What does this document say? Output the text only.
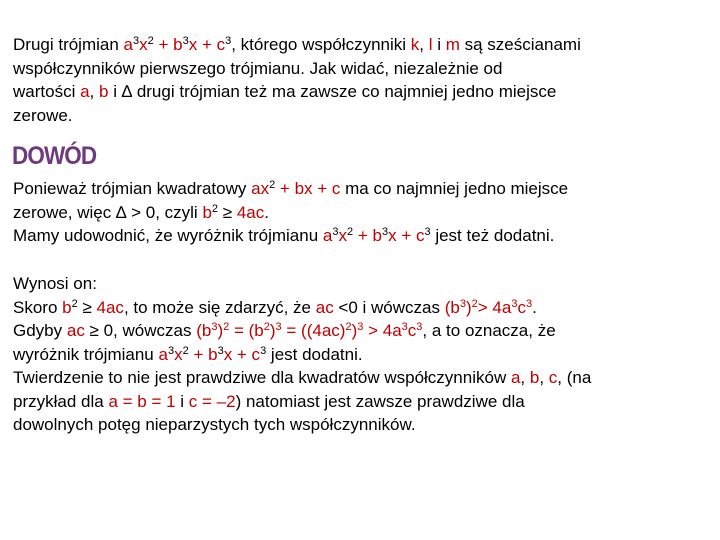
Drugi trójmian $a^3x^2 + b^3x + c^3$, którego współczynniki k, l i m są sześcianami
współczynników pierwszego trójmianu. Jak widać, niezależnie od
wartości a, b i ∆ drugi trójmian też ma zawsze co najmniej jedno miejsce
zerowe.
DOWÓD
Ponieważ trójmian kwadratowy $ax^2$ + bx + c ma co najmniej jedno miejsce
zerowe, więc ∆ > 0, czyli $b^2 \ge 4ac$.
Mamy udowodnić, że wyróżnik trójmianu $a^3x^2 + b^3x + c^3$ jest też dodatni.
Wynosi on:
Skoro $b^2 \ge 4ac$, to może się zdarzyć, że ac <0 i wówczas $(b^3)^2> 4a^3c^3$.
Gdyby ac ≥ 0, wówczas $(b^3)^2 = (b^2)^3 = ((4ac)^2)^3 > 4a^3c^3$, a to oznacza, że
wyróżnik trójmianu $a^3x^2 + b^3x + c^3$ jest dodatni.
Twierdzenie to nie jest prawdziwe dla kwadratów współczynników a, b, c, (na
przykład dla a = b = 1 i c = –2) natomiast jest zawsze prawdziwe dla
dowolnych potęg nieparzystych tych współczynników.
